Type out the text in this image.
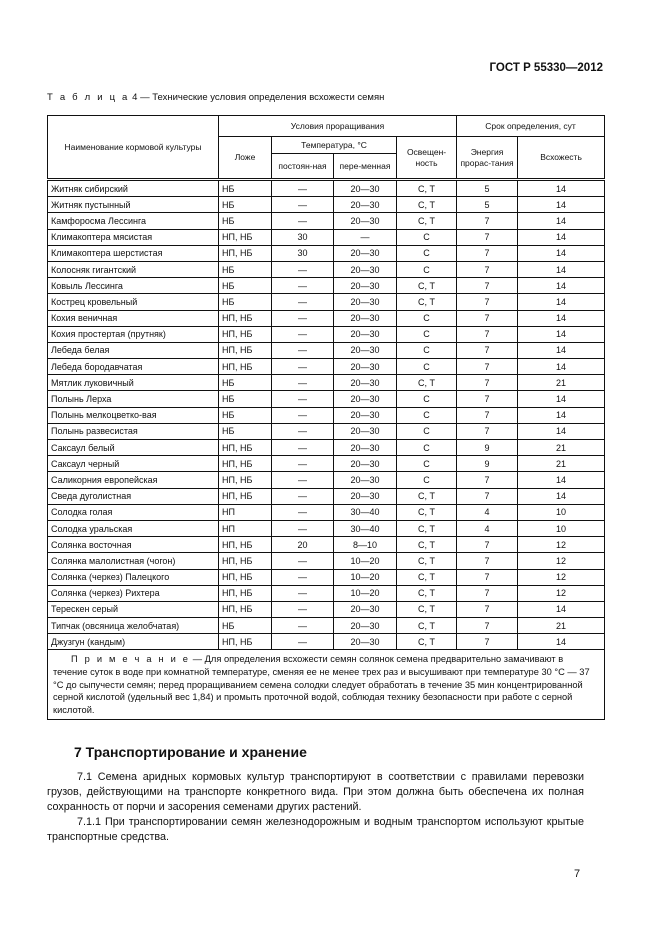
ГОСТ Р 55330—2012
Т а б л и ц а 4 — Технические условия определения всхожести семян
Наименование кормовой культуры	Условия проращивания				Срок определения, сут	
	Ложе	Температура, °С		Освещен-ность	Энергия прорас-тания	Всхожесть
		постоян-ная	пере-менная			
Житняк сибирский	НБ	—	20—30	С, Т	5	14
Житняк пустынный	НБ	—	20—30	С, Т	5	14
Камфоросма Лессинга	НБ	—	20—30	С, Т	7	14
Климакоптера мясистая	НП, НБ	30	—	С	7	14
Климакоптера шерстистая	НП, НБ	30	20—30	С	7	14
Колосняк гигантский	НБ	—	20—30	С	7	14
Ковыль Лессинга	НБ	—	20—30	С, Т	7	14
Кострец кровельный	НБ	—	20—30	С, Т	7	14
Кохия веничная	НП, НБ	—	20—30	С	7	14
Кохия простертая (прутняк)	НП, НБ	—	20—30	С	7	14
Лебеда белая	НП, НБ	—	20—30	С	7	14
Лебеда бородавчатая	НП, НБ	—	20—30	С	7	14
Мятлик луковичный	НБ	—	20—30	С, Т	7	21
Полынь Лерха	НБ	—	20—30	С	7	14
Полынь мелкоцветко-вая	НБ	—	20—30	С	7	14
Полынь развесистая	НБ	—	20—30	С	7	14
Саксаул белый	НП, НБ	—	20—30	С	9	21
Саксаул черный	НП, НБ	—	20—30	С	9	21
Саликорния европейская	НП, НБ	—	20—30	С	7	14
Сведа дуголистная	НП, НБ	—	20—30	С, Т	7	14
Солодка голая	НП	—	30—40	С, Т	4	10
Солодка уральская	НП	—	30—40	С, Т	4	10
Солянка восточная	НП, НБ	20	8—10	С, Т	7	12
Солянка малолистная (чогон)	НП, НБ	—	10—20	С, Т	7	12
Солянка (черкез) Палецкого	НП, НБ	—	10—20	С, Т	7	12
Солянка (черкез) Рихтера	НП, НБ	—	10—20	С, Т	7	12
Терескен серый	НП, НБ	—	20—30	С, Т	7	14
Типчак (овсяница желобчатая)	НБ	—	20—30	С, Т	7	21
Джузгун (кандым)	НП, НБ	—	20—30	С, Т	7	14
П р и м е ч а н и е — Для определения всхожести семян солянок семена предварительно замачивают в течение суток в воде при комнатной температуре, сменяя ее не менее трех раз и высушивают при температуре 30 °С — 37 °С до сыпучести семян; перед проращиванием семена солодки следует обработать в течение 35 мин концентрированной серной кислотой (удельный вес 1,84) и промыть проточной водой, соблюдая технику безопасности при работе с серной кислотой.						
7 Транспортирование и хранение
7.1 Семена аридных кормовых культур транспортируют в соответствии с правилами перевозки грузов, действующими на транспорте конкретного вида. При этом должна быть обеспечена их полная сохранность от порчи и засорения семенами других растений.
7.1.1 При транспортировании семян железнодорожным и водным транспортом используют крытые транспортные средства.
7
